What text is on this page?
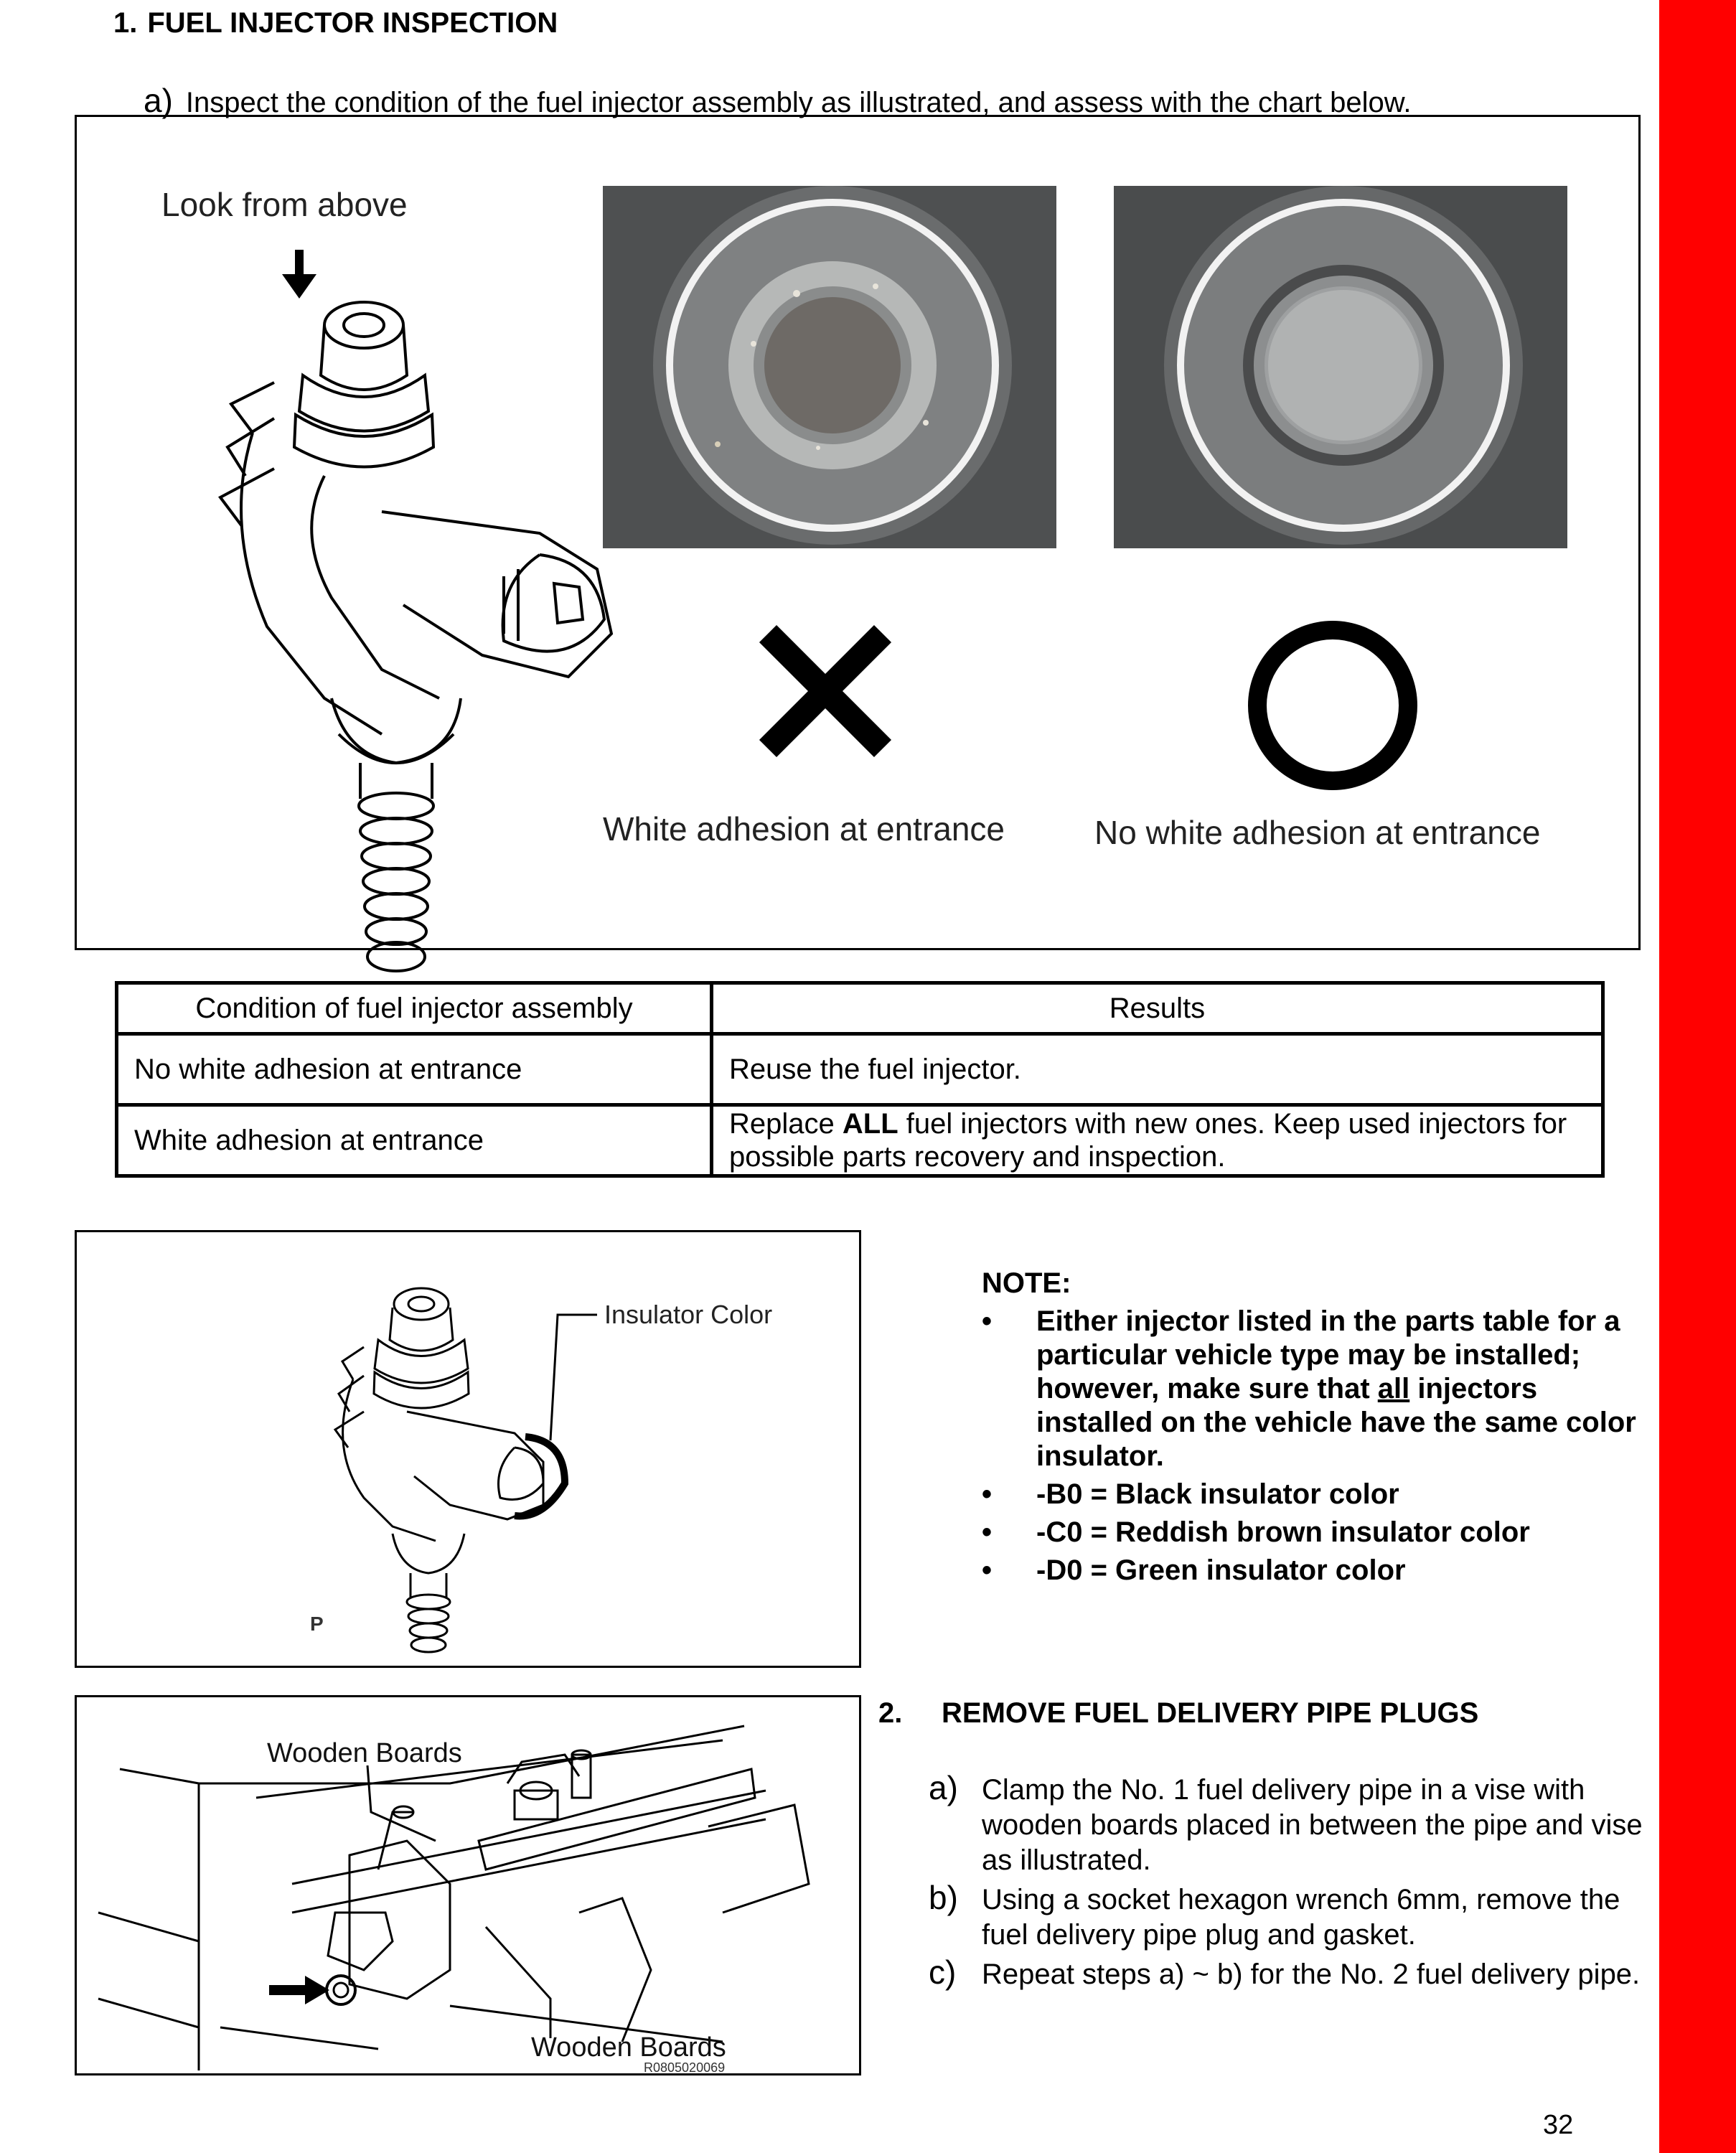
1. FUEL INJECTOR INSPECTION
a) Inspect the condition of the fuel injector assembly as illustrated, and assess with the chart below.
Look from above
White adhesion at entrance	No white adhesion at entrance
Condition of fuel injector assembly	Results
No white adhesion at entrance	Reuse the fuel injector.
White adhesion at entrance	Replace ALL fuel injectors with new ones. Keep used injectors for possible parts recovery and inspection.
Insulator Color
P
NOTE:
• Either injector listed in the parts table for a particular vehicle type may be installed; however, make sure that all injectors installed on the vehicle have the same color insulator.
• -B0 = Black insulator color
• -C0 = Reddish brown insulator color
• -D0 = Green insulator color
Wooden Boards
Wooden Boards
R0805020069
2. REMOVE FUEL DELIVERY PIPE PLUGS
a) Clamp the No. 1 fuel delivery pipe in a vise with wooden boards placed in between the pipe and vise as illustrated.
b) Using a socket hexagon wrench 6mm, remove the fuel delivery pipe plug and gasket.
c) Repeat steps a) ~ b) for the No. 2 fuel delivery pipe.
32
